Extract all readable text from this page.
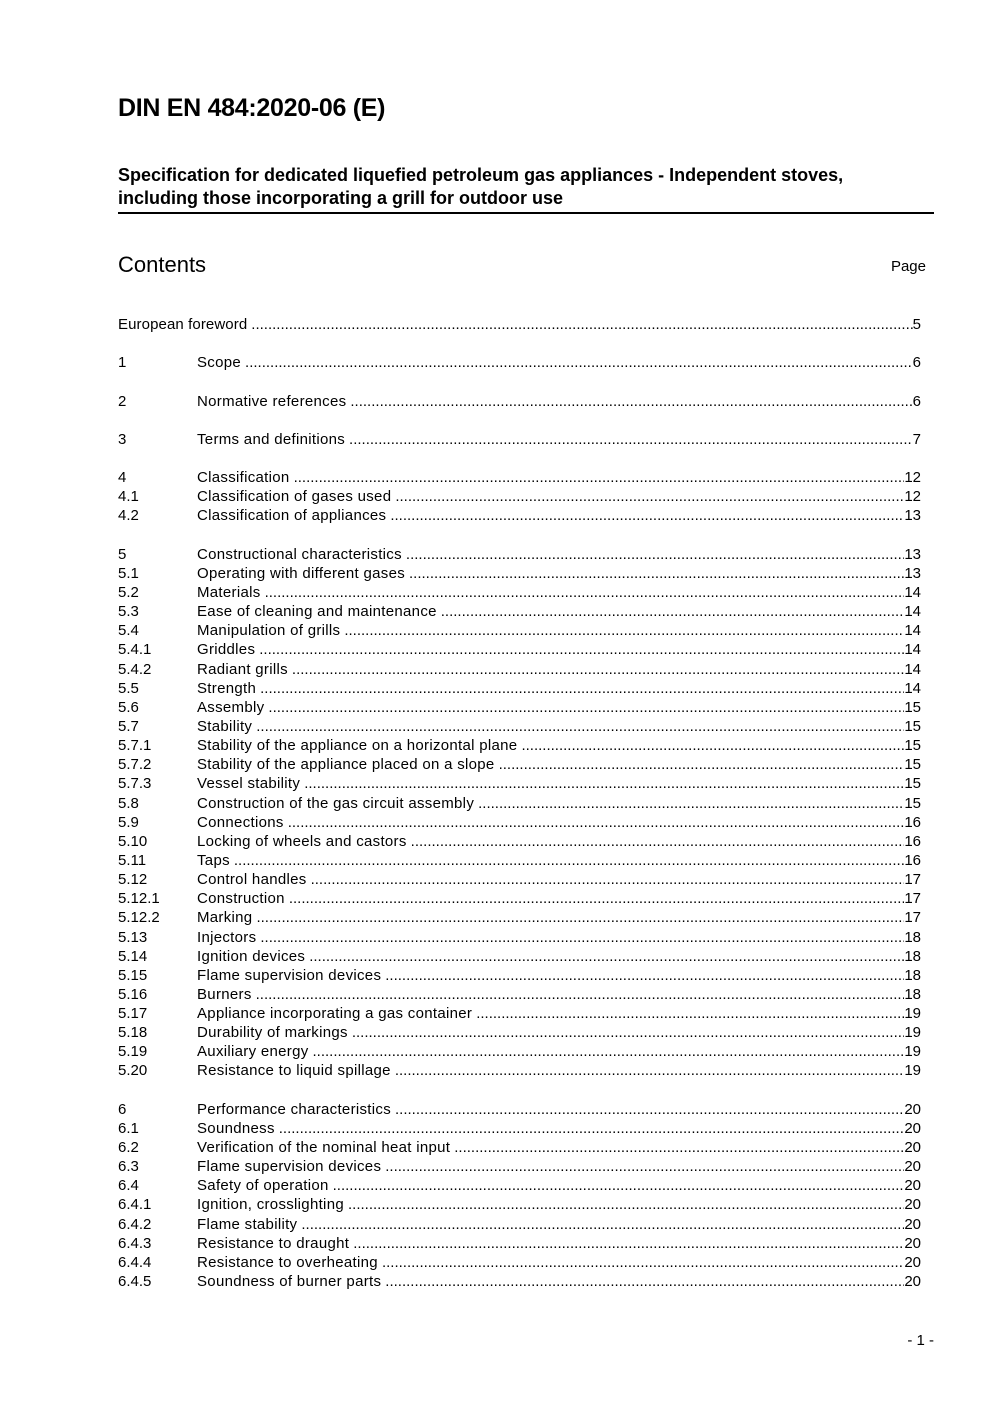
DIN EN 484:2020-06 (E)
Specification for dedicated liquefied petroleum gas appliances - Independent stoves,
including those incorporating a grill for outdoor use
Contents	Page
European foreword .....	5
1	Scope .....	6
2	Normative references .....	6
3	Terms and definitions .....	7
4	Classification .....	12
4.1	Classification of gases used .....	12
4.2	Classification of appliances .....	13
5	Constructional characteristics .....	13
5.1	Operating with different gases .....	13
5.2	Materials .....	14
5.3	Ease of cleaning and maintenance .....	14
5.4	Manipulation of grills .....	14
5.4.1	Griddles .....	14
5.4.2	Radiant grills .....	14
5.5	Strength .....	14
5.6	Assembly .....	15
5.7	Stability .....	15
5.7.1	Stability of the appliance on a horizontal plane .....	15
5.7.2	Stability of the appliance placed on a slope .....	15
5.7.3	Vessel stability .....	15
5.8	Construction of the gas circuit assembly .....	15
5.9	Connections .....	16
5.10	Locking of wheels and castors .....	16
5.11	Taps .....	16
5.12	Control handles .....	17
5.12.1	Construction .....	17
5.12.2	Marking .....	17
5.13	Injectors .....	18
5.14	Ignition devices .....	18
5.15	Flame supervision devices .....	18
5.16	Burners .....	18
5.17	Appliance incorporating a gas container .....	19
5.18	Durability of markings .....	19
5.19	Auxiliary energy .....	19
5.20	Resistance to liquid spillage .....	19
6	Performance characteristics .....	20
6.1	Soundness .....	20
6.2	Verification of the nominal heat input .....	20
6.3	Flame supervision devices .....	20
6.4	Safety of operation .....	20
6.4.1	Ignition, crosslighting .....	20
6.4.2	Flame stability .....	20
6.4.3	Resistance to draught .....	20
6.4.4	Resistance to overheating .....	20
6.4.5	Soundness of burner parts .....	20
- 1 -
